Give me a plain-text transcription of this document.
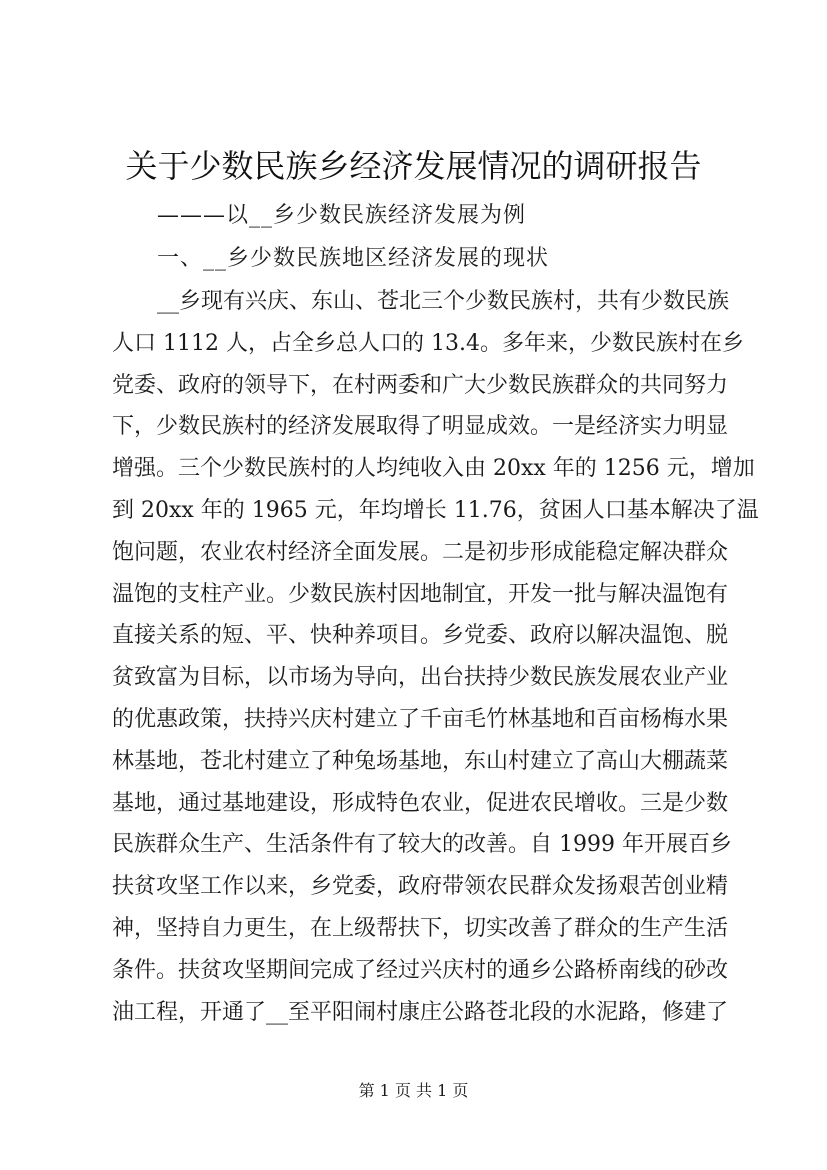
关于少数民族乡经济发展情况的调研报告
———以__乡少数民族经济发展为例
一、__乡少数民族地区经济发展的现状
__乡现有兴庆、东山、苍北三个少数民族村，共有少数民族
人口 1112 人，占全乡总人口的 13.4。多年来，少数民族村在乡
党委、政府的领导下，在村两委和广大少数民族群众的共同努力
下，少数民族村的经济发展取得了明显成效。一是经济实力明显
增强。三个少数民族村的人均纯收入由 20xx 年的 1256 元，增加
到 20xx 年的 1965 元，年均增长 11.76，贫困人口基本解决了温
饱问题，农业农村经济全面发展。二是初步形成能稳定解决群众
温饱的支柱产业。少数民族村因地制宜，开发一批与解决温饱有
直接关系的短、平、快种养项目。乡党委、政府以解决温饱、脱
贫致富为目标，以市场为导向，出台扶持少数民族发展农业产业
的优惠政策，扶持兴庆村建立了千亩毛竹林基地和百亩杨梅水果
林基地，苍北村建立了种兔场基地，东山村建立了高山大棚蔬菜
基地，通过基地建设，形成特色农业，促进农民增收。三是少数
民族群众生产、生活条件有了较大的改善。自 1999 年开展百乡
扶贫攻坚工作以来，乡党委，政府带领农民群众发扬艰苦创业精
神，坚持自力更生，在上级帮扶下，切实改善了群众的生产生活
条件。扶贫攻坚期间完成了经过兴庆村的通乡公路桥南线的砂改
油工程，开通了__至平阳闹村康庄公路苍北段的水泥路，修建了
第 1 页 共 1 页
